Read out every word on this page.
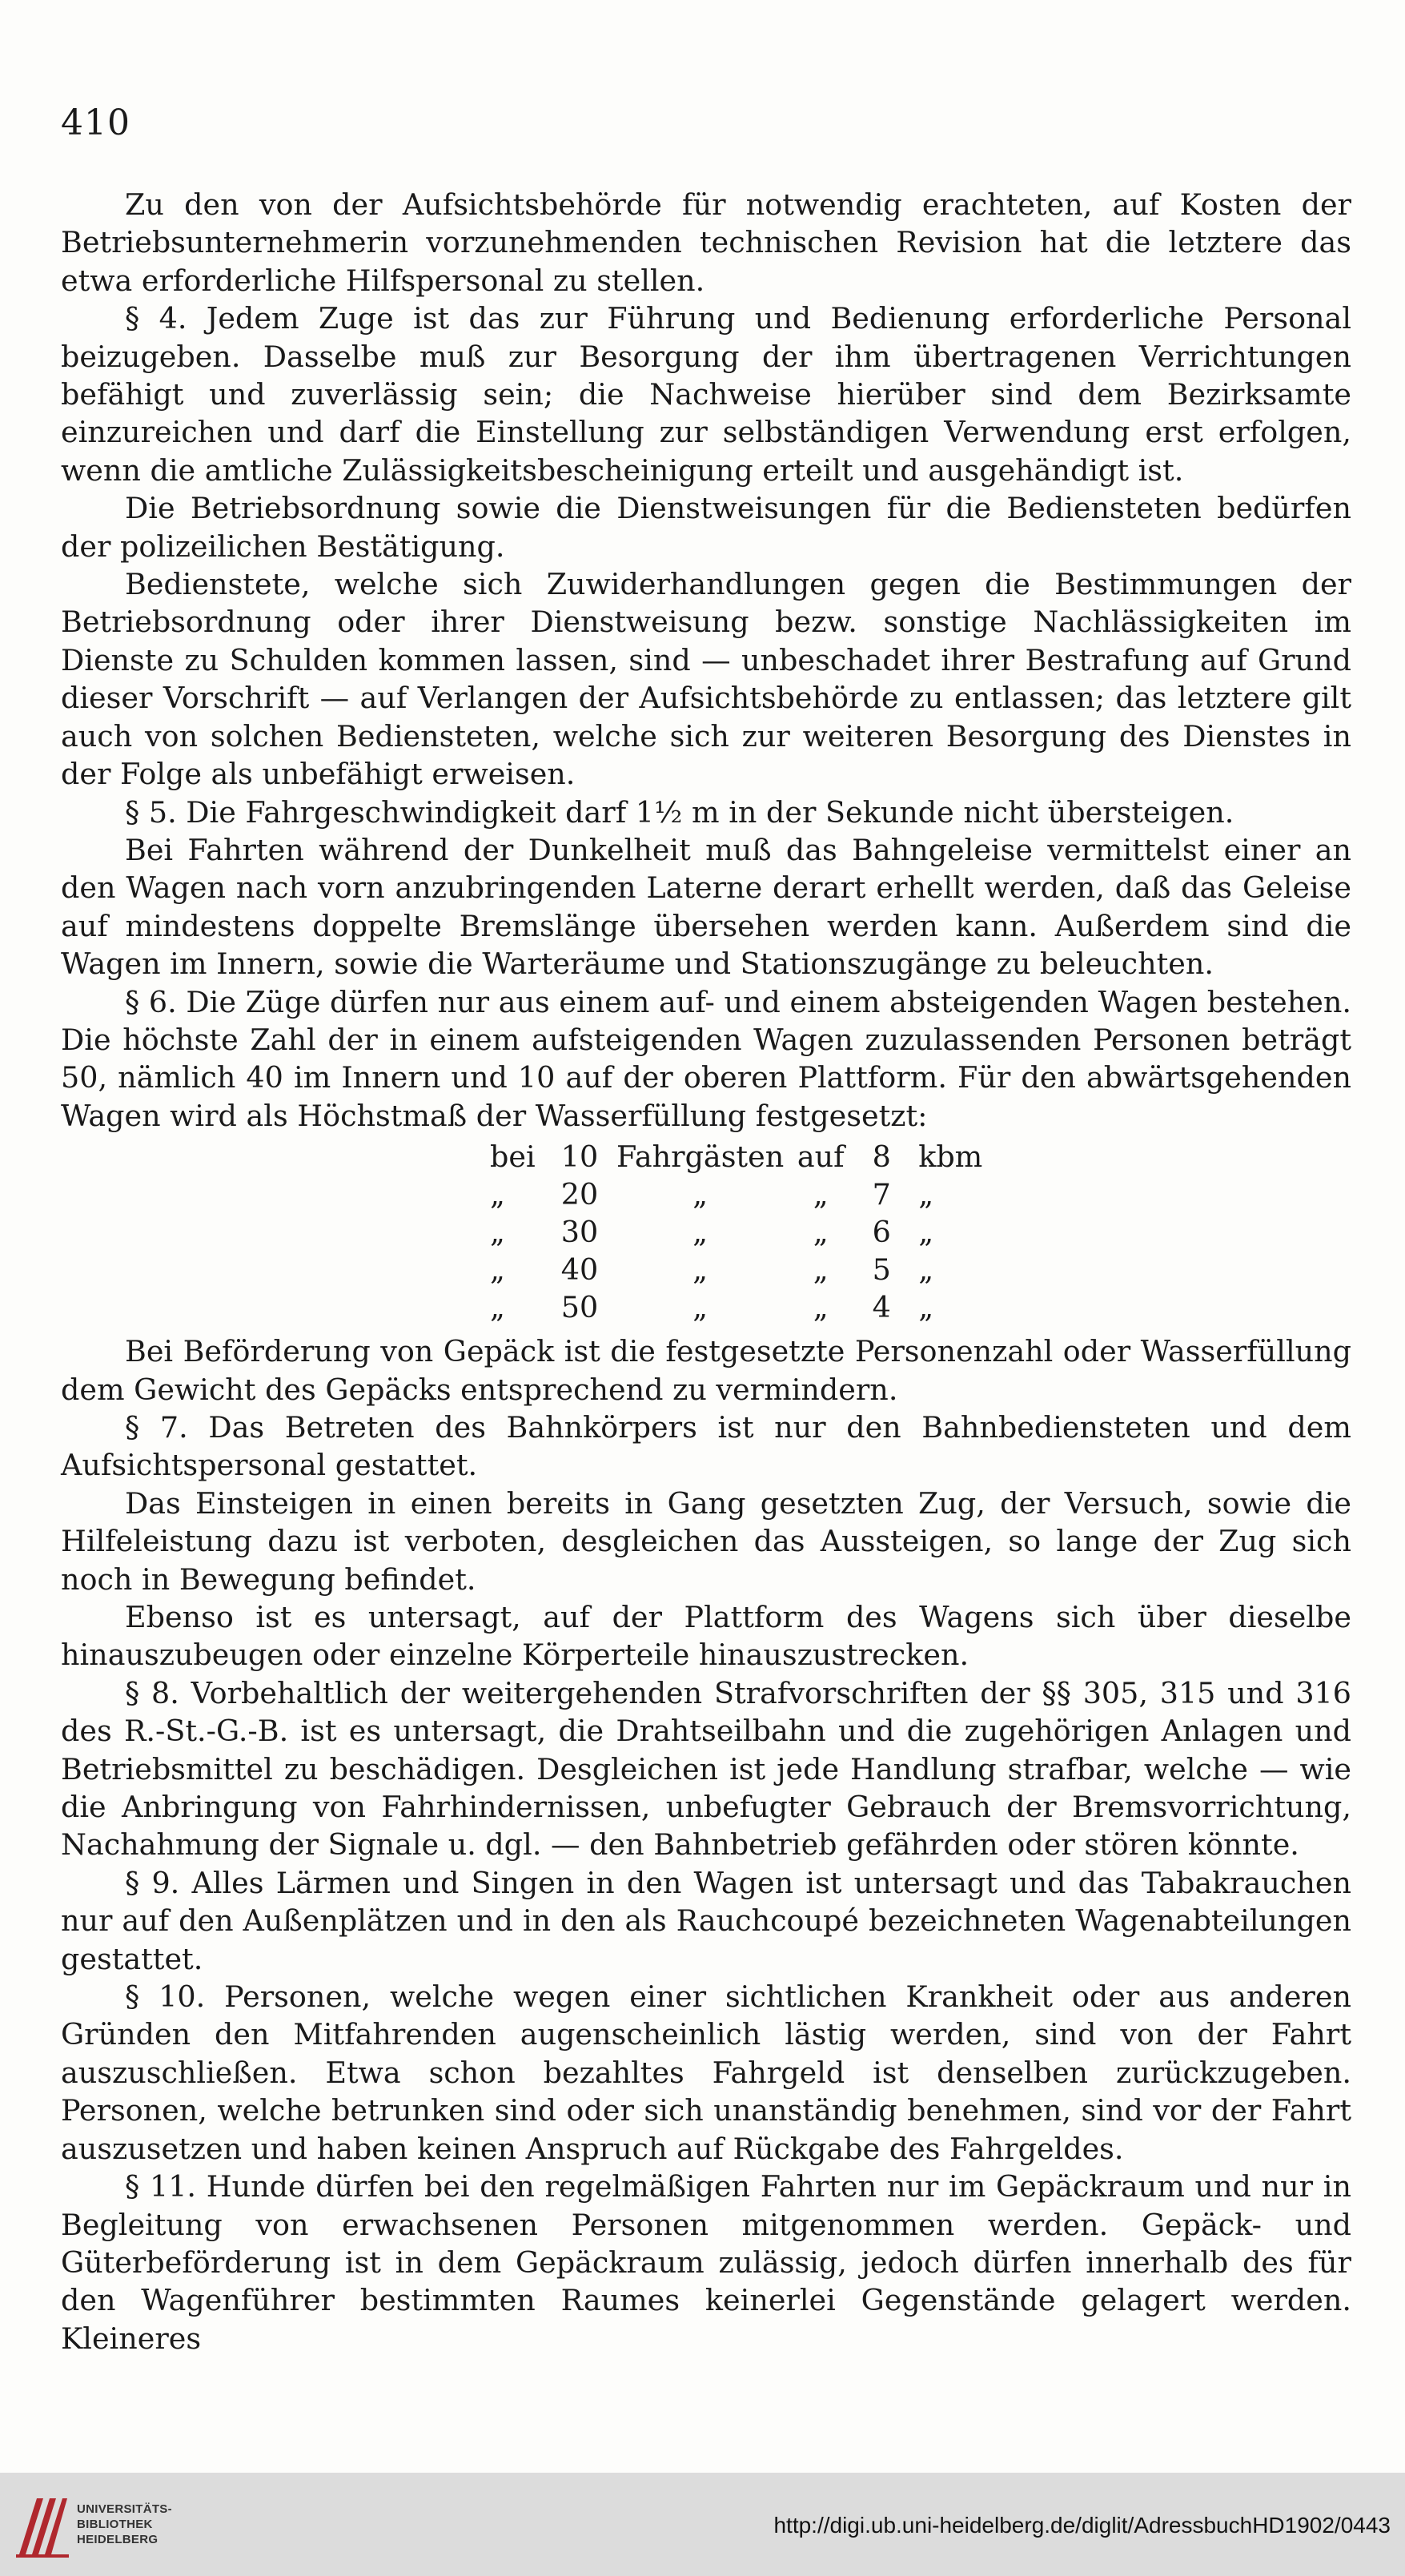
410

Zu den von der Aufsichtsbehörde für notwendig erachteten, auf Kosten der Betriebsunternehmerin vorzunehmenden technischen Revision hat die letztere das etwa erforderliche Hilfspersonal zu stellen.

§ 4. Jedem Zuge ist das zur Führung und Bedienung erforderliche Personal beizugeben. Dasselbe muß zur Besorgung der ihm übertragenen Verrichtungen befähigt und zuverlässig sein; die Nachweise hierüber sind dem Bezirksamte einzureichen und darf die Einstellung zur selbständigen Verwendung erst erfolgen, wenn die amtliche Zulässigkeitsbescheinigung erteilt und ausgehändigt ist.

Die Betriebsordnung sowie die Dienstweisungen für die Bediensteten bedürfen der polizeilichen Bestätigung.

Bedienstete, welche sich Zuwiderhandlungen gegen die Bestimmungen der Betriebsordnung oder ihrer Dienstweisung bezw. sonstige Nachlässigkeiten im Dienste zu Schulden kommen lassen, sind — unbeschadet ihrer Bestrafung auf Grund dieser Vorschrift — auf Verlangen der Aufsichtsbehörde zu entlassen; das letztere gilt auch von solchen Bediensteten, welche sich zur weiteren Besorgung des Dienstes in der Folge als unbefähigt erweisen.

§ 5. Die Fahrgeschwindigkeit darf 1½ m in der Sekunde nicht übersteigen.

Bei Fahrten während der Dunkelheit muß das Bahngeleise vermittelst einer an den Wagen nach vorn anzubringenden Laterne derart erhellt werden, daß das Geleise auf mindestens doppelte Bremslänge übersehen werden kann. Außerdem sind die Wagen im Innern, sowie die Warteräume und Stationszugänge zu beleuchten.

§ 6. Die Züge dürfen nur aus einem auf- und einem absteigenden Wagen bestehen. Die höchste Zahl der in einem aufsteigenden Wagen zuzulassenden Personen beträgt 50, nämlich 40 im Innern und 10 auf der oberen Plattform. Für den abwärtsgehenden Wagen wird als Höchstmaß der Wasserfüllung festgesetzt:

bei	10	Fahrgästen	auf	8	kbm
„	20	„	„	7	„
„	30	„	„	6	„
„	40	„	„	5	„
„	50	„	„	4	„

Bei Beförderung von Gepäck ist die festgesetzte Personenzahl oder Wasserfüllung dem Gewicht des Gepäcks entsprechend zu vermindern.

§ 7. Das Betreten des Bahnkörpers ist nur den Bahnbediensteten und dem Aufsichtspersonal gestattet.

Das Einsteigen in einen bereits in Gang gesetzten Zug, der Versuch, sowie die Hilfeleistung dazu ist verboten, desgleichen das Aussteigen, so lange der Zug sich noch in Bewegung befindet.

Ebenso ist es untersagt, auf der Plattform des Wagens sich über dieselbe hinauszubeugen oder einzelne Körperteile hinauszustrecken.

§ 8. Vorbehaltlich der weitergehenden Strafvorschriften der §§ 305, 315 und 316 des R.-St.-G.-B. ist es untersagt, die Drahtseilbahn und die zugehörigen Anlagen und Betriebsmittel zu beschädigen. Desgleichen ist jede Handlung strafbar, welche — wie die Anbringung von Fahrhindernissen, unbefugter Gebrauch der Bremsvorrichtung, Nachahmung der Signale u. dgl. — den Bahnbetrieb gefährden oder stören könnte.

§ 9. Alles Lärmen und Singen in den Wagen ist untersagt und das Tabakrauchen nur auf den Außenplätzen und in den als Rauchcoupé bezeichneten Wagenabteilungen gestattet.

§ 10. Personen, welche wegen einer sichtlichen Krankheit oder aus anderen Gründen den Mitfahrenden augenscheinlich lästig werden, sind von der Fahrt auszuschließen. Etwa schon bezahltes Fahrgeld ist denselben zurückzugeben. Personen, welche betrunken sind oder sich unanständig benehmen, sind vor der Fahrt auszusetzen und haben keinen Anspruch auf Rückgabe des Fahrgeldes.

§ 11. Hunde dürfen bei den regelmäßigen Fahrten nur im Gepäckraum und nur in Begleitung von erwachsenen Personen mitgenommen werden. Gepäck- und Güterbeförderung ist in dem Gepäckraum zulässig, jedoch dürfen innerhalb des für den Wagenführer bestimmten Raumes keinerlei Gegenstände gelagert werden. Kleineres

UNIVERSITÄTS-
BIBLIOTHEK
HEIDELBERG
http://digi.ub.uni-heidelberg.de/diglit/AdressbuchHD1902/0443
